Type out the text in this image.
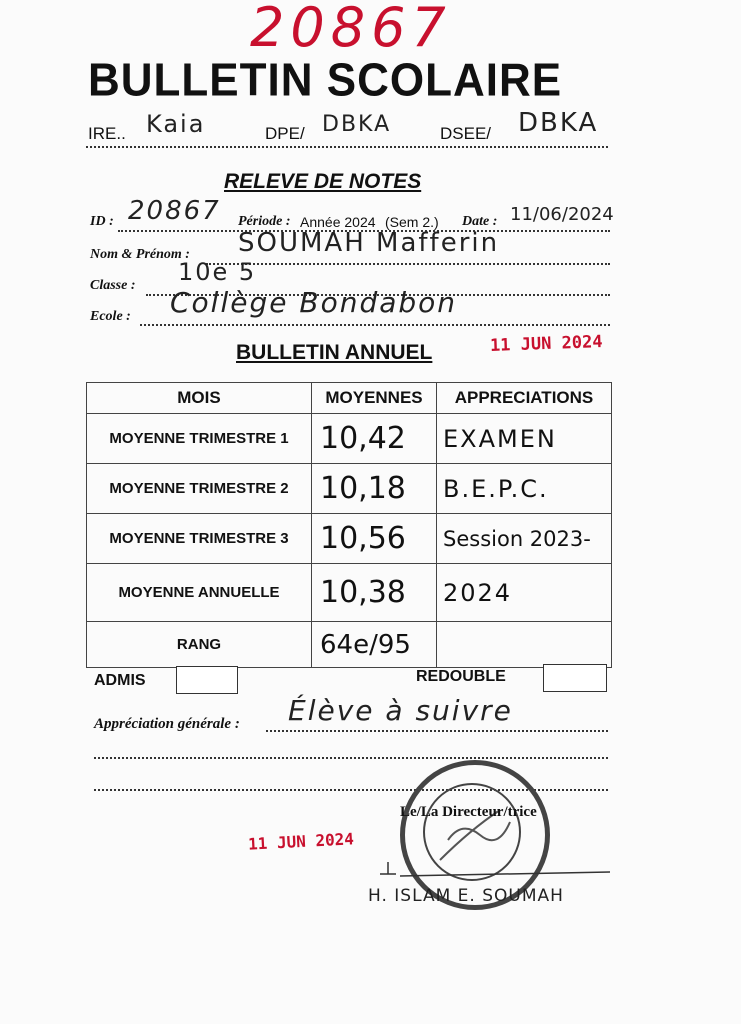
20867
BULLETIN SCOLAIRE
IRE.. Kaia	DPE/ DBKA	DSEE/ DBKA
RELEVE DE NOTES
ID : 20867 Période : Année 2024 (Sem 2.) Date : 11/06/2024
Nom & Prénom : SOUMAH Mafferin
Classe : 10e 5
Ecole : Collège Bondabon
BULLETIN ANNUEL	11 JUN 2024
MOIS	MOYENNES	APPRECIATIONS
MOYENNE TRIMESTRE 1	10,42	EXAMEN
MOYENNE TRIMESTRE 2	10,18	B.E.P.C.
MOYENNE TRIMESTRE 3	10,56	Session 2023-
MOYENNE ANNUELLE	10,38	2024
RANG	64e/95	
ADMIS	REDOUBLE
Appréciation générale : Élève à suivre
Le/La Directeur/trice
11 JUN 2024
H. ISLAM E. SOUMAH
